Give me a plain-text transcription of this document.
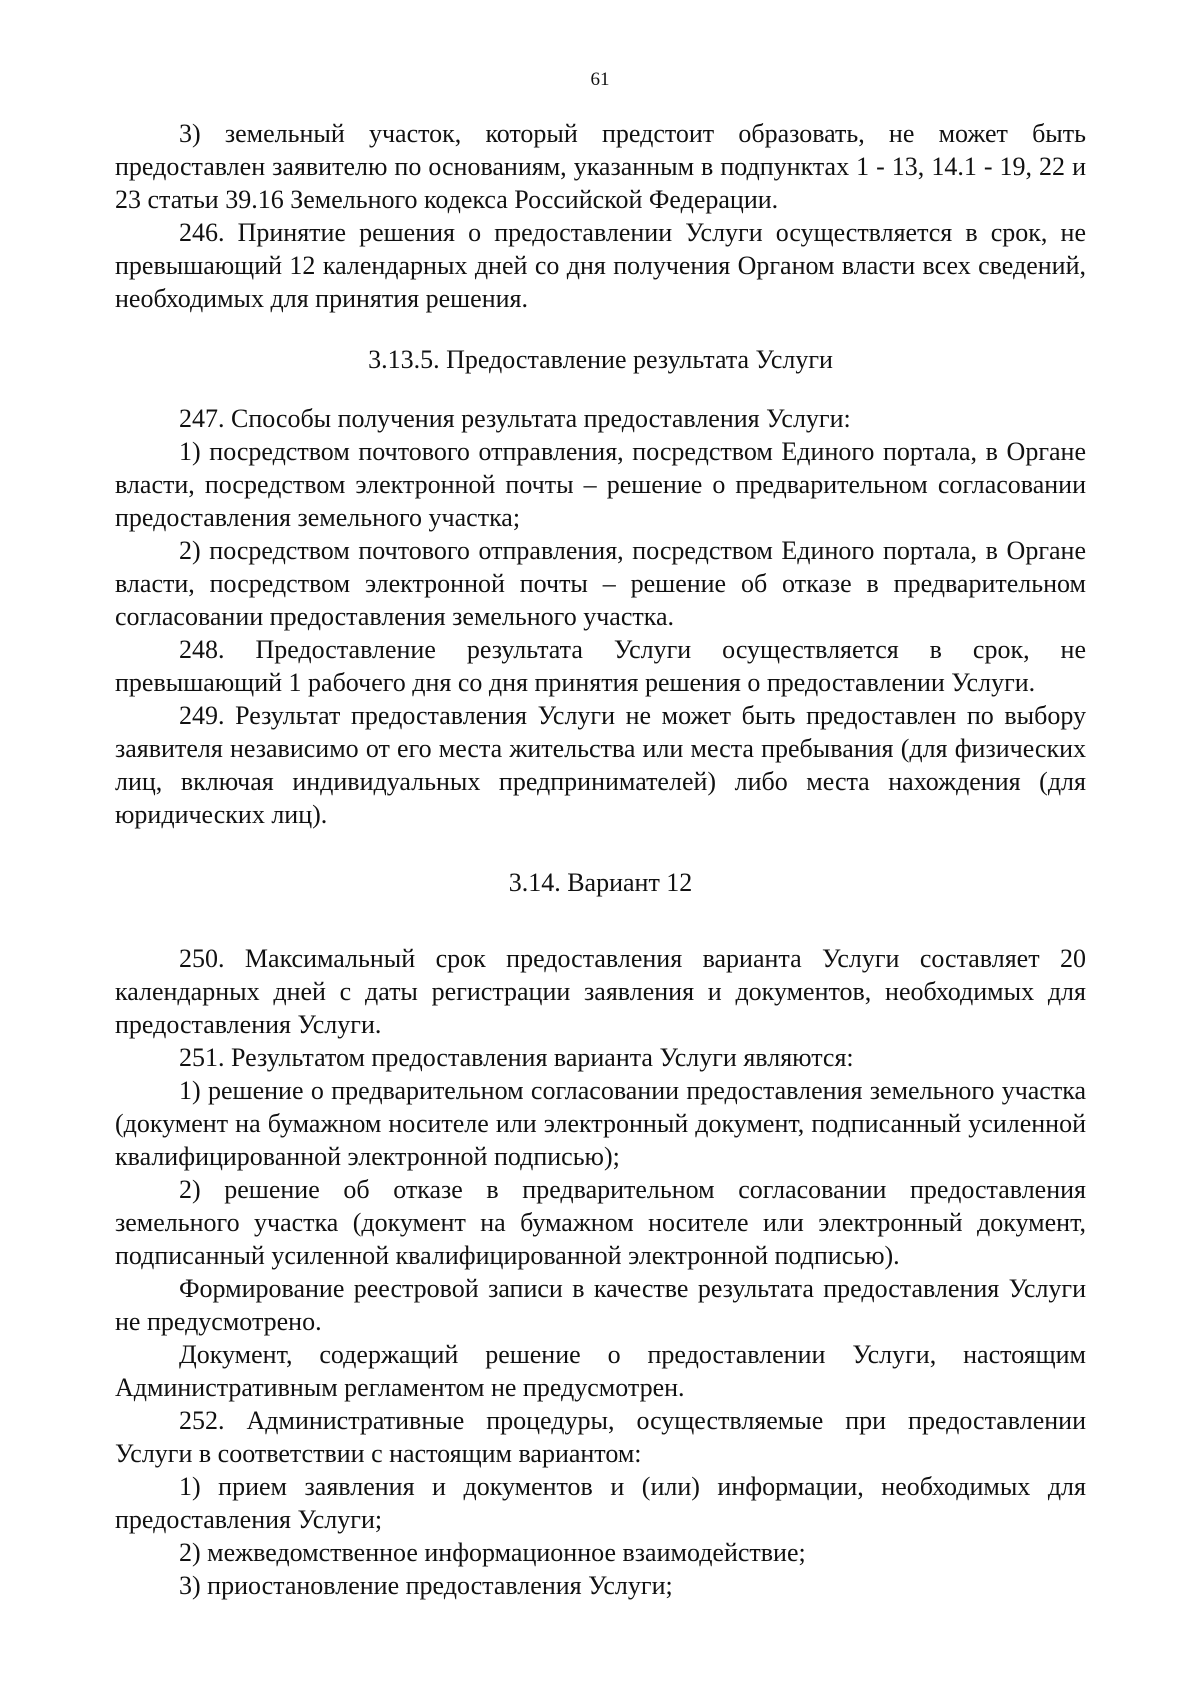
61

3) земельный участок, который предстоит образовать, не может быть предоставлен заявителю по основаниям, указанным в подпунктах 1 - 13, 14.1 - 19, 22 и 23 статьи 39.16 Земельного кодекса Российской Федерации.

246. Принятие решения о предоставлении Услуги осуществляется в срок, не превышающий 12 календарных дней со дня получения Органом власти всех сведений, необходимых для принятия решения.

3.13.5. Предоставление результата Услуги

247. Способы получения результата предоставления Услуги:

1) посредством почтового отправления, посредством Единого портала, в Органе власти, посредством электронной почты – решение о предварительном согласовании предоставления земельного участка;

2) посредством почтового отправления, посредством Единого портала, в Органе власти, посредством электронной почты – решение об отказе в предварительном согласовании предоставления земельного участка.

248. Предоставление результата Услуги осуществляется в срок, не превышающий 1 рабочего дня со дня принятия решения о предоставлении Услуги.

249. Результат предоставления Услуги не может быть предоставлен по выбору заявителя независимо от его места жительства или места пребывания (для физических лиц, включая индивидуальных предпринимателей) либо места нахождения (для юридических лиц).

3.14. Вариант 12

250. Максимальный срок предоставления варианта Услуги составляет 20 календарных дней с даты регистрации заявления и документов, необходимых для предоставления Услуги.

251. Результатом предоставления варианта Услуги являются:

1) решение о предварительном согласовании предоставления земельного участка (документ на бумажном носителе или электронный документ, подписанный усиленной квалифицированной электронной подписью);

2) решение об отказе в предварительном согласовании предоставления земельного участка (документ на бумажном носителе или электронный документ, подписанный усиленной квалифицированной электронной подписью).

Формирование реестровой записи в качестве результата предоставления Услуги не предусмотрено.

Документ, содержащий решение о предоставлении Услуги, настоящим Административным регламентом не предусмотрен.

252. Административные процедуры, осуществляемые при предоставлении Услуги в соответствии с настоящим вариантом:

1) прием заявления и документов и (или) информации, необходимых для предоставления Услуги;

2) межведомственное информационное взаимодействие;

3) приостановление предоставления Услуги;
